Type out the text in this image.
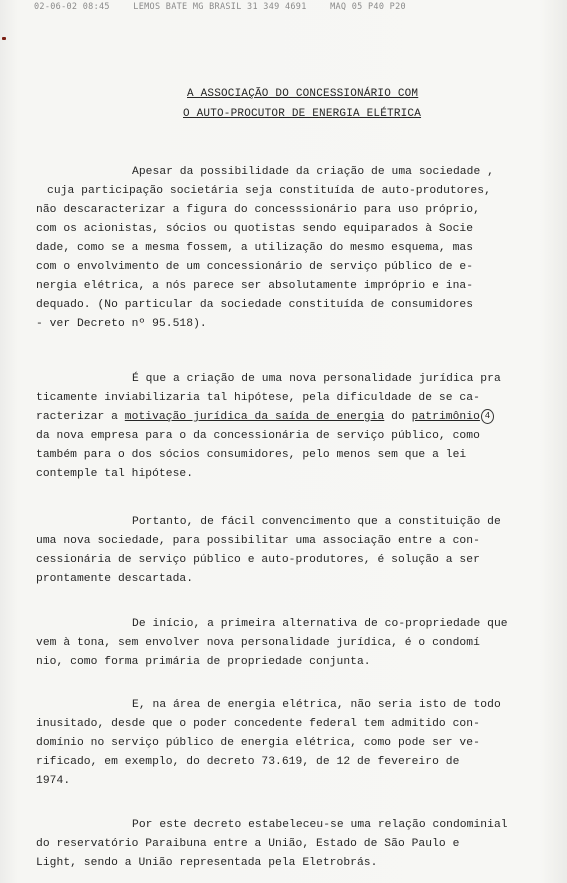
02-06-02 08:45	LEMOS BATE MG BRASIL 31 349 4691	MAQ 05 P40 P20
A ASSOCIAÇÃO DO CONCESSIONÁRIO COM
O AUTO-PROCUTOR DE ENERGIA ELÉTRICA
Apesar da possibilidade da criação de uma sociedade ,
cuja participação societária seja constituída de auto-produtores,
não descaracterizar a figura do concesssionário para uso próprio,
com os acionistas, sócios ou quotistas sendo equiparados à Socie
dade, como se a mesma fossem, a utilização do mesmo esquema, mas
com o envolvimento de um concessionário de serviço público de e-
nergia elétrica, a nós parece ser absolutamente impróprio e ina-
dequado. (No particular da sociedade constituída de consumidores
- ver Decreto nº 95.518).
É que a criação de uma nova personalidade jurídica pra
ticamente inviabilizaria tal hipótese, pela dificuldade de se ca-
racterizar a motivação jurídica da saída de energia do patrimônio 4
da nova empresa para o da concessionária de serviço público, como
também para o dos sócios consumidores, pelo menos sem que a lei
contemple tal hipótese.
Portanto, de fácil convencimento que a constituição de
uma nova sociedade, para possibilitar uma associação entre a con-
cessionária de serviço público e auto-produtores, é solução a ser
prontamente descartada.
De início, a primeira alternativa de co-propriedade que
vem à tona, sem envolver nova personalidade jurídica, é o condomí
nio, como forma primária de propriedade conjunta.
E, na área de energia elétrica, não seria isto de todo
inusitado, desde que o poder concedente federal tem admitido con-
domínio no serviço público de energia elétrica, como pode ser ve-
rificado, em exemplo, do decreto 73.619, de 12 de fevereiro de
1974.
Por este decreto estabeleceu-se uma relação condominial
do reservatório Paraibuna entre a União, Estado de São Paulo e
Light, sendo a União representada pela Eletrobrás.
